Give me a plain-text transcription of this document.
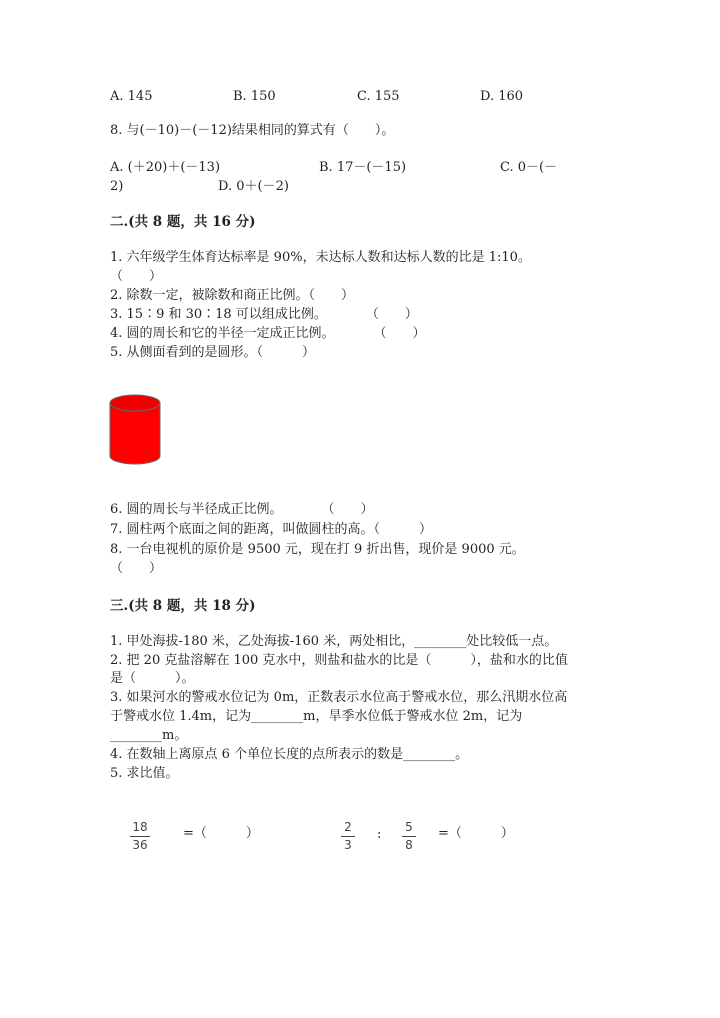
A. 145	B. 150	C. 155	D. 160
8. 与(－10)－(－12)结果相同的算式有（　　）。
A. (＋20)＋(－13)	B. 17－(－15)	C. 0－(－
2)	D. 0＋(－2)
二.(共 8 题，共 16 分)
1. 六年级学生体育达标率是 90%，未达标人数和达标人数的比是 1:10。
（　　）
2. 除数一定，被除数和商正比例。（　　）
3. 15∶9 和 30∶18 可以组成比例。　　　　（　　）
4. 圆的周长和它的半径一定成正比例。　　　　（　　）
5. 从侧面看到的是圆形。（　　　）
6. 圆的周长与半径成正比例。　　　　（　　）
7. 圆柱两个底面之间的距离，叫做圆柱的高。（　　　）
8. 一台电视机的原价是 9500 元，现在打 9 折出售，现价是 9000 元。
（　　）
三.(共 8 题，共 18 分)
1. 甲处海拔-180 米，乙处海拔-160 米，两处相比，________处比较低一点。
2. 把 20 克盐溶解在 100 克水中，则盐和盐水的比是（　　　），盐和水的比值
是（　　　）。
3. 如果河水的警戒水位记为 0m，正数表示水位高于警戒水位，那么汛期水位高
于警戒水位 1.4m，记为________m，旱季水位低于警戒水位 2m，记为
________m。
4. 在数轴上离原点 6 个单位长度的点所表示的数是________。
5. 求比值。
18
36
=（　　　）	2
3
: 5
8
=（　　　）
